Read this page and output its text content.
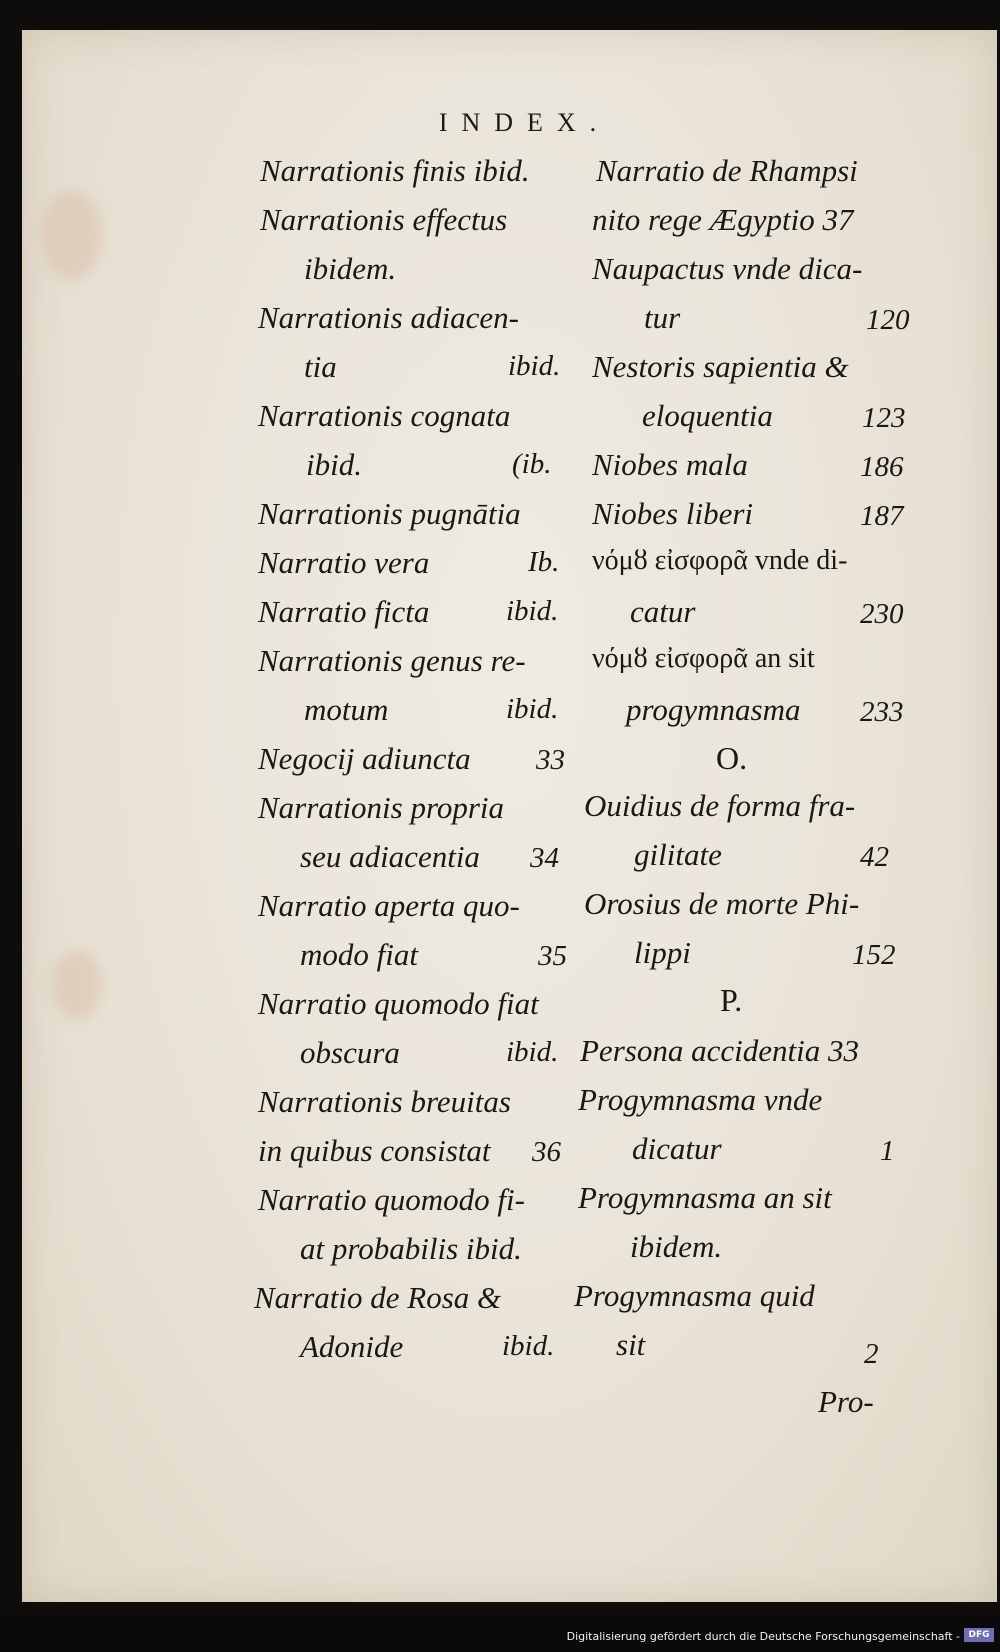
INDEX.
Narrationis finis ibid.
Narrationis effectus
ibidem.
Narrationis adiacen-
tia	ibid.
Narrationis cognata
ibid.	(ib.
Narrationis pugnātia
Narratio vera	Ib.
Narratio ficta	ibid.
Narrationis genus re-
motum	ibid.
Negocij adiuncta 33
Narrationis propria
seu adiacentia 34
Narratio aperta quo-
modo fiat	35
Narratio quomodo fiat
obscura	ibid.
Narrationis breuitas
in quibus consistat 36
Narratio quomodo fi-
at probabilis ibid.
Narratio de Rosa &
Adonide	ibid.
Narratio de Rhampsi
nito rege Ægyptio 37
Naupactus vnde dica-
tur	120
Nestoris sapientia &
eloquentia	123
Niobes mala	186
Niobes liberi	187
νόμȣ εἰσφορᾶ vnde di-
catur	230
νόμȣ εἰσφορᾶ an sit
progymnasma 233
O.
Ouidius de forma fra-
gilitate	42
Orosius de morte Phi-
lippi	152
P.
Persona accidentia 33
Progymnasma vnde
dicatur	1
Progymnasma an sit
ibidem.
Progymnasma quid
sit	2
Pro-
Digitalisierung gefördert durch die Deutsche Forschungsgemeinschaft - DFG
